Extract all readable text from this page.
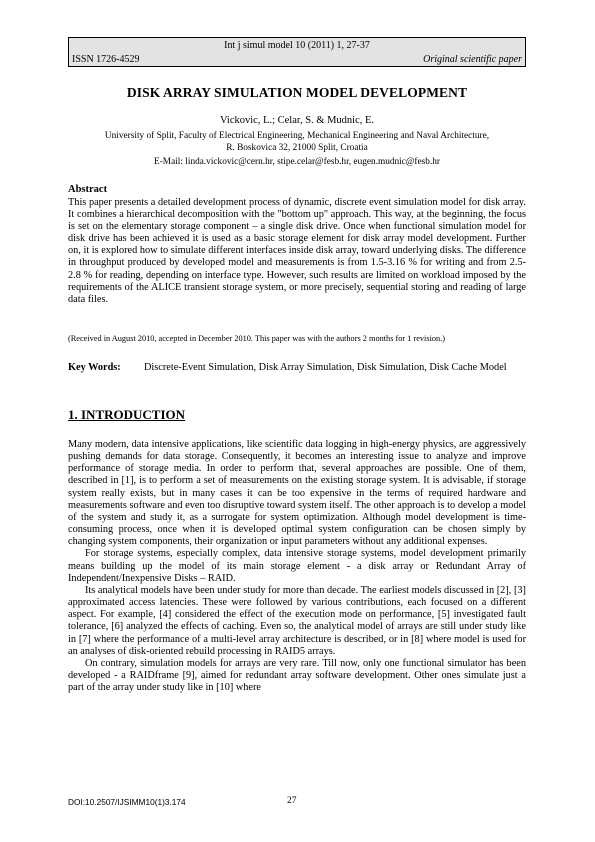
Int j simul model 10 (2011) 1, 27-37
ISSN 1726-4529	Original scientific paper
DISK ARRAY SIMULATION MODEL DEVELOPMENT
Vickovic, L.; Celar, S. & Mudnic, E.
University of Split, Faculty of Electrical Engineering, Mechanical Engineering and Naval Architecture,
R. Boskovica 32, 21000 Split, Croatia
E-Mail: linda.vickovic@cern.hr, stipe.celar@fesb.hr, eugen.mudnic@fesb.hr
Abstract
This paper presents a detailed development process of dynamic, discrete event simulation model for disk array. It combines a hierarchical decomposition with the "bottom up" approach. This way, at the beginning, the focus is set on the elementary storage component – a single disk drive. Once when functional simulation model for disk drive has been achieved it is used as a basic storage element for disk array model development. Further on, it is explored how to simulate different interfaces inside disk array, toward underlying disks. The difference in throughput produced by developed model and measurements is from 1.5-3.16 % for writing and from 2.5-2.8 % for reading, depending on interface type. However, such results are limited on workload imposed by the requirements of the ALICE transient storage system, or more precisely, sequential storing and reading of large data files.
(Received in August 2010, accepted in December 2010. This paper was with the authors 2 months for 1 revision.)
Key Words: Discrete-Event Simulation, Disk Array Simulation, Disk Simulation, Disk Cache Model
1. INTRODUCTION

Many modern, data intensive applications, like scientific data logging in high-energy physics, are aggressively pushing demands for data storage. Consequently, it becomes an interesting issue to analyze and improve performance of storage media. In order to perform that, several approaches are possible. One of them, described in [1], is to perform a set of measurements on the existing storage system. It is advisable, if storage system really exists, but in many cases it can be too expensive in the terms of required hardware and measurements software and even too disruptive toward system itself. The other approach is to develop a model of the system and study it, as a surrogate for system optimization. Although model development is time-consuming process, once when it is developed optimal system configuration can be chosen simply by changing system components, their organization or input parameters without any additional expenses.

For storage systems, especially complex, data intensive storage systems, model development primarily means building up the model of its main storage element - a disk array or Redundant Array of Independent/Inexpensive Disks – RAID.

Its analytical models have been under study for more than decade. The earliest models discussed in [2], [3] approximated access latencies. These were followed by various contributions, each focused on a different aspect. For example, [4] considered the effect of the execution mode on performance, [5] investigated fault tolerance, [6] analyzed the effects of caching. Even so, the analytical model of arrays are still under study like in [7] where the performance of a multi-level array architecture is described, or in [8] where model is used for an analyses of disk-oriented rebuild processing in RAID5 arrays.

On contrary, simulation models for arrays are very rare. Till now, only one functional simulator has been developed - a RAIDframe [9], aimed for redundant array software development. Other ones simulate just a part of the array under study like in [10] where

DOI:10.2507/IJSIMM10(1)3.174	27
